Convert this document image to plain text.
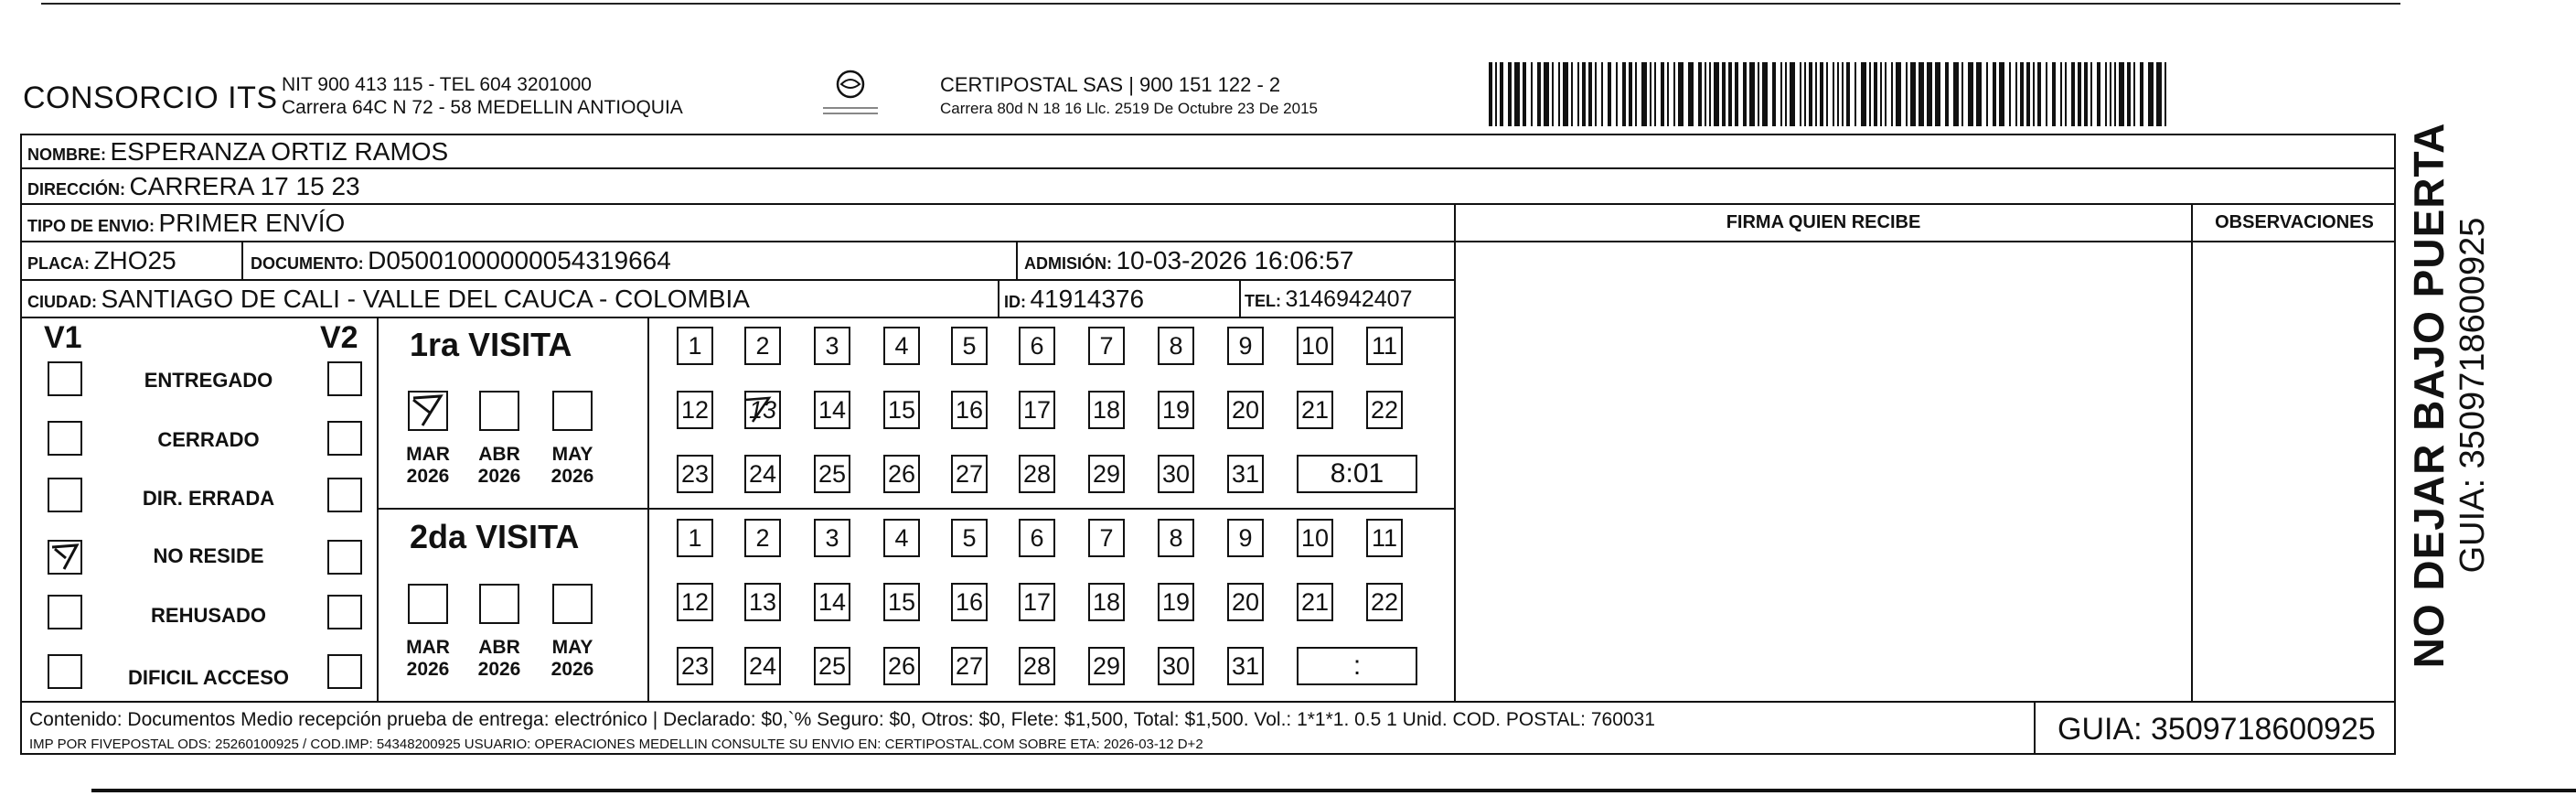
CONSORCIO ITS NIT 900 413 115 - TEL 604 3201000
Carrera 64C N 72 - 58 MEDELLIN ANTIOQUIA
CERTIPOSTAL SAS | 900 151 122 - 2
Carrera 80d N 18 16 Llc. 2519 De Octubre 23 De 2015
NOMBRE: ESPERANZA ORTIZ RAMOS
DIRECCIÓN: CARRERA 17 15 23
TIPO DE ENVIO: PRIMER ENVÍO	FIRMA QUIEN RECIBE	OBSERVACIONES
PLACA: ZHO25	DOCUMENTO: D05001000000054319664	ADMISIÓN: 10-03-2026 16:06:57
CIUDAD: SANTIAGO DE CALI - VALLE DEL CAUCA - COLOMBIA	ID: 41914376	TEL: 3146942407
V1	V2
ENTREGADO
CERRADO
DIR. ERRADA
NO RESIDE
REHUSADO
DIFICIL ACCESO
1ra VISITA
MAR
2026
ABR
2026
MAY
2026
1	2	3	4	5	6	7	8	9	10 11
12 13 14 15 16 17 18 19 20 21 22
23 24 25 26 27 28 29 30 31	8:01
2da VISITA
MAR
2026
ABR
2026
MAY
2026
1	2	3	4	5	6	7	8	9	10 11
12 13 14 15 16 17 18 19 20 21 22
23 24 25 26 27 28 29 30 31	:
Contenido: Documentos Medio recepción prueba de entrega: electrónico | Declarado: $0,`% Seguro: $0, Otros: $0, Flete: $1,500, Total: $1,500. Vol.: 1*1*1. 0.5 1 Unid. COD. POSTAL: 760031
IMP POR FIVEPOSTAL ODS: 25260100925 / COD.IMP: 54348200925 USUARIO: OPERACIONES MEDELLIN CONSULTE SU ENVIO EN: CERTIPOSTAL.COM SOBRE ETA: 2026-03-12 D+2	GUIA: 3509718600925
NO DEJAR BAJO PUERTA GUIA: 3509718600925
